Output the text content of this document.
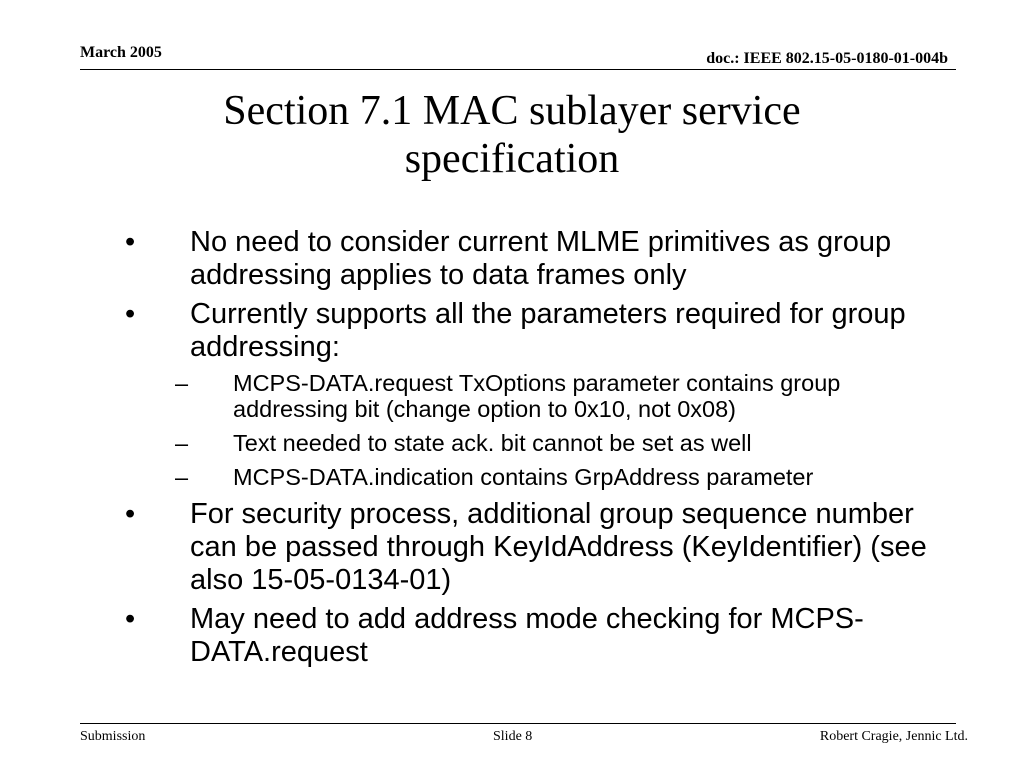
March 2005	doc.: IEEE 802.15-05-0180-01-004b
Section 7.1 MAC sublayer service
specification
• No need to consider current MLME primitives as group addressing applies to data frames only
• Currently supports all the parameters required for group addressing:
– MCPS-DATA.request TxOptions parameter contains group addressing bit (change option to 0x10, not 0x08)
– Text needed to state ack. bit cannot be set as well
– MCPS-DATA.indication contains GrpAddress parameter
• For security process, additional group sequence number can be passed through KeyIdAddress (KeyIdentifier) (see also 15-05-0134-01)
• May need to add address mode checking for MCPS-DATA.request
Submission	Slide 8	Robert Cragie, Jennic Ltd.
